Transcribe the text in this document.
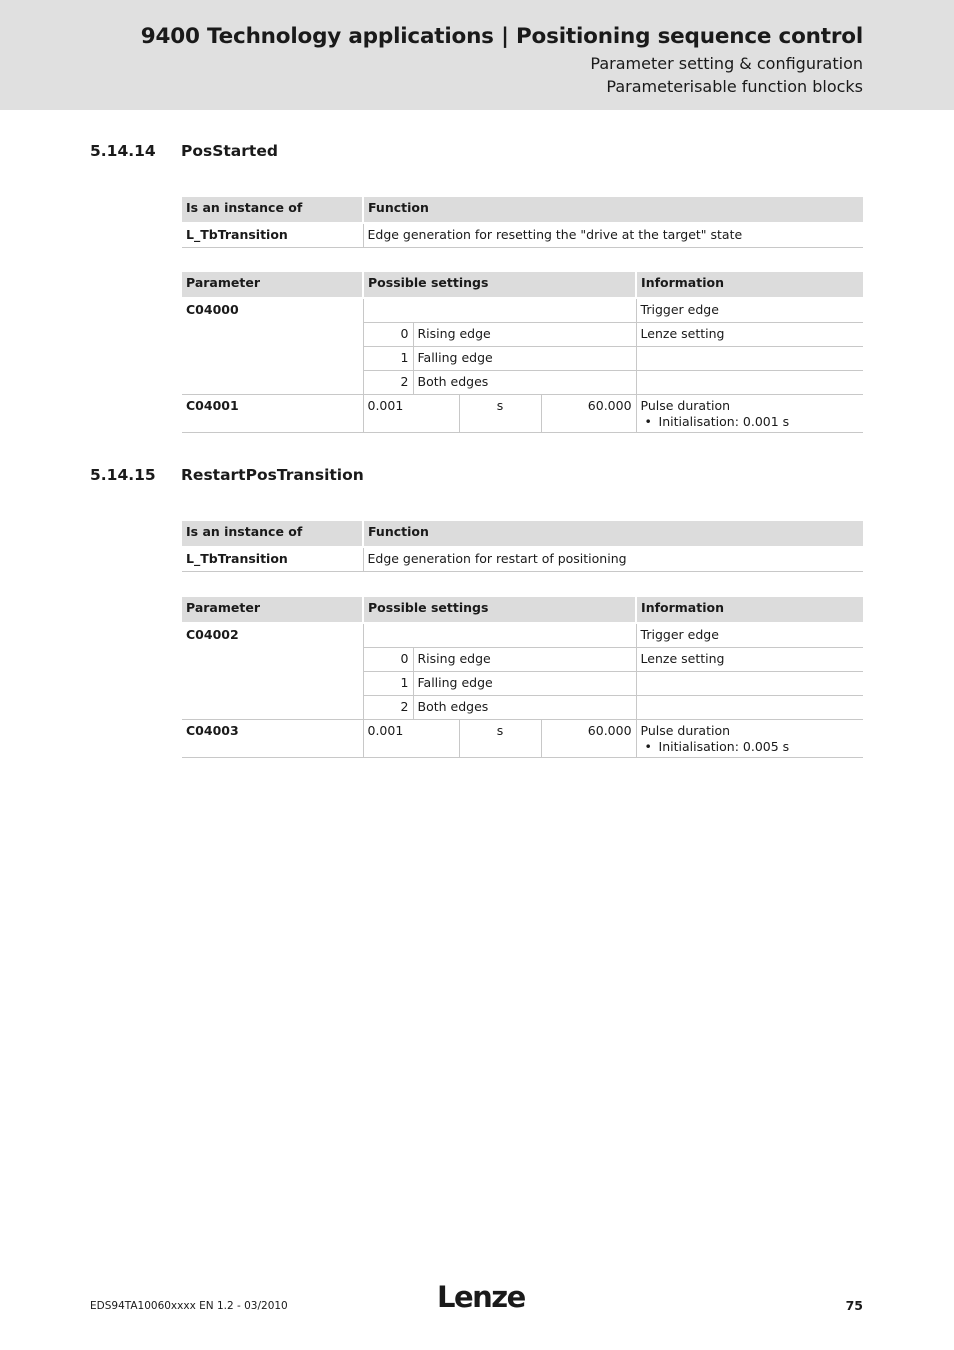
9400 Technology applications | Positioning sequence control
Parameter setting & configuration
Parameterisable function blocks
5.14.14 PosStarted
Is an instance of	Function
L_TbTransition	Edge generation for resetting the "drive at the target" state
Parameter	Possible settings				Information
C04000					Trigger edge
	0	Rising edge			Lenze setting
	1	Falling edge			
	2	Both edges			
C04001	0.001		s	60.000	Pulse duration
• Initialisation: 0.001 s
5.14.15 RestartPosTransition
Is an instance of	Function
L_TbTransition	Edge generation for restart of positioning
Parameter	Possible settings				Information
C04002					Trigger edge
	0	Rising edge			Lenze setting
	1	Falling edge			
	2	Both edges			
C04003	0.001		s	60.000	Pulse duration
• Initialisation: 0.005 s
EDS94TA10060xxxx EN 1.2 - 03/2010	Lenze	75
